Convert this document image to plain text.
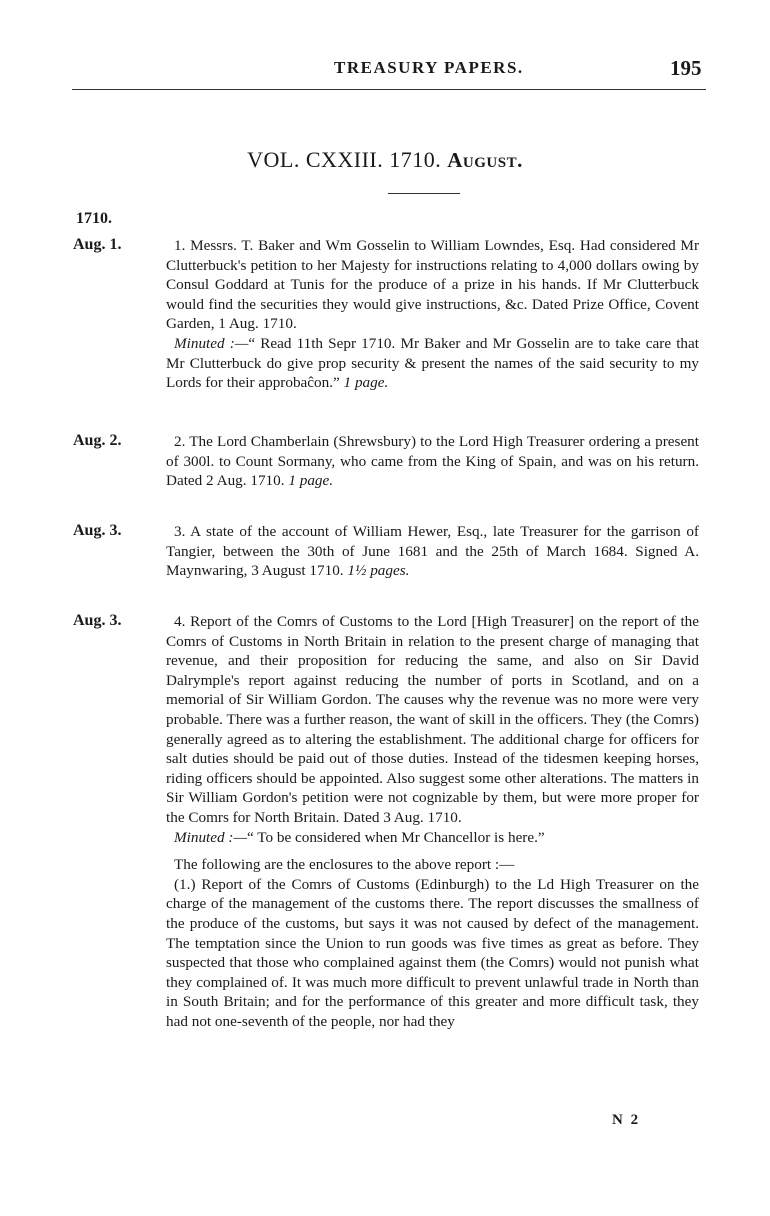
TREASURY PAPERS.	195
VOL. CXXIII. 1710. August.
1710.
Aug. 1.	1. Messrs. T. Baker and Wm Gosselin to William Lowndes, Esq. Had considered Mr Clutterbuck's petition to her Majesty for instructions relating to 4,000 dollars owing by Consul Goddard at Tunis for the produce of a prize in his hands. If Mr Clutterbuck would find the securities they would give instructions, &c. Dated Prize Office, Covent Garden, 1 Aug. 1710.

Minuted :—“ Read 11th Sepr 1710. Mr Baker and Mr Gosselin are to take care that Mr Clutterbuck do give prop security & present the names of the said security to my Lords for their approbaĉon.” 1 page.

Aug. 2.	2. The Lord Chamberlain (Shrewsbury) to the Lord High Treasurer ordering a present of 300l. to Count Sormany, who came from the King of Spain, and was on his return. Dated 2 Aug. 1710. 1 page.

Aug. 3.	3. A state of the account of William Hewer, Esq., late Treasurer for the garrison of Tangier, between the 30th of June 1681 and the 25th of March 1684. Signed A. Maynwaring, 3 August 1710. 1½ pages.

Aug. 3.	4. Report of the Comrs of Customs to the Lord [High Treasurer] on the report of the Comrs of Customs in North Britain in relation to the present charge of managing that revenue, and their proposition for reducing the same, and also on Sir David Dalrymple's report against reducing the number of ports in Scotland, and on a memorial of Sir William Gordon. The causes why the revenue was no more were very probable. There was a further reason, the want of skill in the officers. They (the Comrs) generally agreed as to altering the establishment. The additional charge for officers for salt duties should be paid out of those duties. Instead of the tidesmen keeping horses, riding officers should be appointed. Also suggest some other alterations. The matters in Sir William Gordon's petition were not cognizable by them, but were more proper for the Comrs for North Britain. Dated 3 Aug. 1710.

Minuted :—“ To be considered when Mr Chancellor is here.”

The following are the enclosures to the above report :—

(1.) Report of the Comrs of Customs (Edinburgh) to the Ld High Treasurer on the charge of the management of the customs there. The report discusses the smallness of the produce of the customs, but says it was not caused by defect of the management. The temptation since the Union to run goods was five times as great as before. They suspected that those who complained against them (the Comrs) would not punish what they complained of. It was much more difficult to prevent unlawful trade in North than in South Britain; and for the performance of this greater and more difficult task, they had not one-seventh of the people, nor had they

N 2
